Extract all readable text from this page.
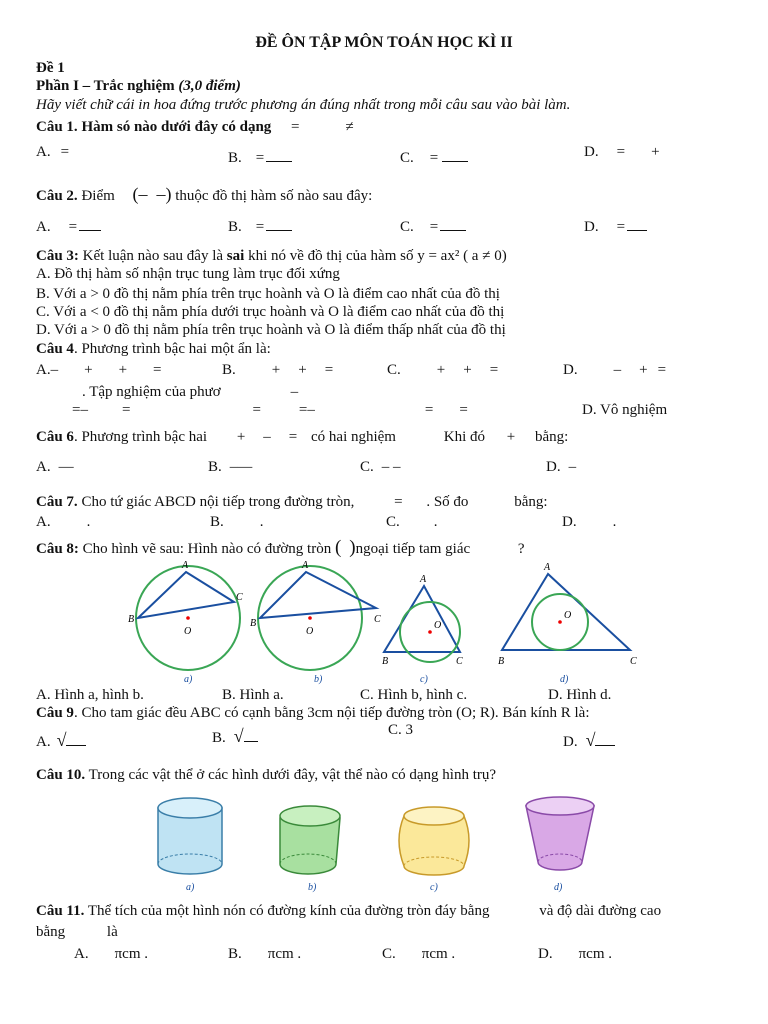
ĐỀ ÔN TẬP MÔN TOÁN HỌC KÌ II
Đề 1
Phần I – Trắc nghiệm (3,0 điểm)
Hãy viết chữ cái in hoa đứng trước phương án đúng nhất trong mỗi câu sau vào bài làm.
Câu 1. Hàm só nào dưới đây có dạng =	≠
A. =	B. =	C. =	D. = +
Câu 2. Điểm (–  –) thuộc đồ thị hàm số nào sau đây:
A. =	B. =	C. =	D. =
Câu 3: Kết luận nào sau đây là sai khi nó về đồ thị của hàm số y = ax² ( a ≠ 0)
A. Đồ thị hàm số nhận trục tung làm trục đối xứng
B. Với a > 0 đồ thị nằm phía trên trục hoành và O là điểm cao nhất của đồ thị
C. Với a < 0 đồ thị nằm phía dưới trục hoành và O là điểm cao nhất của đồ thị
D. Với a > 0 đồ thị nằm phía trên trục hoành và O là điểm thấp nhất của đồ thị
Câu 4. Phương trình bậc hai một ẩn là:
A.– + + =	B. + + =	C. + + =	D. – + =
. Tập nghiệm của phươ	–
=– =	=	=–	= =	D. Vô nghiệm
Câu 6. Phương trình bậc hai + – = có hai nghiệm	Khi đó + bằng:
A. —	B. –—	C. – –	D. –
Câu 7. Cho tứ giác ABCD nội tiếp trong đường tròn,	= . Số đo	bằng:
A. .	B. .	C. .	D. .
Câu 8: Cho hình vẽ sau: Hình nào có đường tròn ( )ngoại tiếp tam giác	?
A
C
B
O
a)
A
C
B
O
b)
A
O
B	C
c)
A
O
B	C
d)
A. Hình a, hình b.	B. Hình a.	C. Hình b, hình c.	D. Hình d.
Câu 9. Cho tam giác đều ABC có cạnh bằng 3cm nội tiếp đường tròn (O; R). Bán kính R là:
A. √	B. √	C. 3
D. √
Câu 10. Trong các vật thể ở các hình dưới đây, vật thể nào có dạng hình trụ?
a)	b)	c)	d)
Câu 11. Thể tích của một hình nón có đường kính của đường tròn đáy bằng	và độ dài đường cao
bằng	là
A. πcm .	B. πcm .	C. πcm .	D. πcm .
